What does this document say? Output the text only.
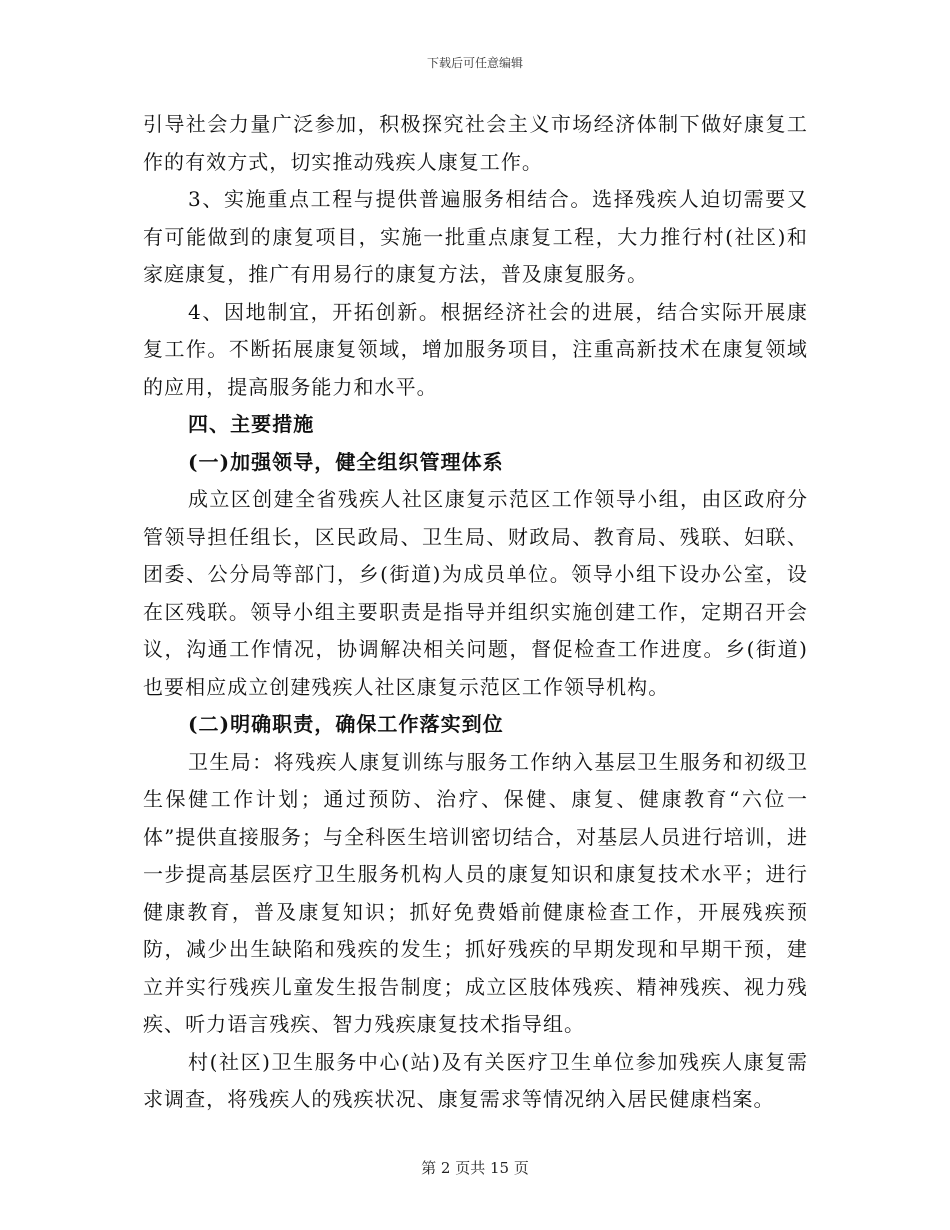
下载后可任意编辑

引导社会力量广泛参加，积极探究社会主义市场经济体制下做好康复工作的有效方式，切实推动残疾人康复工作。

3、实施重点工程与提供普遍服务相结合。选择残疾人迫切需要又有可能做到的康复项目，实施一批重点康复工程，大力推行村(社区)和家庭康复，推广有用易行的康复方法，普及康复服务。

4、因地制宜，开拓创新。根据经济社会的进展，结合实际开展康复工作。不断拓展康复领域，增加服务项目，注重高新技术在康复领域的应用，提高服务能力和水平。

四、主要措施

(一)加强领导，健全组织管理体系

成立区创建全省残疾人社区康复示范区工作领导小组，由区政府分管领导担任组长，区民政局、卫生局、财政局、教育局、残联、妇联、团委、公分局等部门，乡(街道)为成员单位。领导小组下设办公室，设在区残联。领导小组主要职责是指导并组织实施创建工作，定期召开会议，沟通工作情况，协调解决相关问题，督促检查工作进度。乡(街道)也要相应成立创建残疾人社区康复示范区工作领导机构。

(二)明确职责，确保工作落实到位

卫生局：将残疾人康复训练与服务工作纳入基层卫生服务和初级卫生保健工作计划；通过预防、治疗、保健、康复、健康教育“六位一体”提供直接服务；与全科医生培训密切结合，对基层人员进行培训，进一步提高基层医疗卫生服务机构人员的康复知识和康复技术水平；进行健康教育，普及康复知识；抓好免费婚前健康检查工作，开展残疾预防，减少出生缺陷和残疾的发生；抓好残疾的早期发现和早期干预，建立并实行残疾儿童发生报告制度；成立区肢体残疾、精神残疾、视力残疾、听力语言残疾、智力残疾康复技术指导组。

村(社区)卫生服务中心(站)及有关医疗卫生单位参加残疾人康复需求调查，将残疾人的残疾状况、康复需求等情况纳入居民健康档案。

第 2 页共 15 页
